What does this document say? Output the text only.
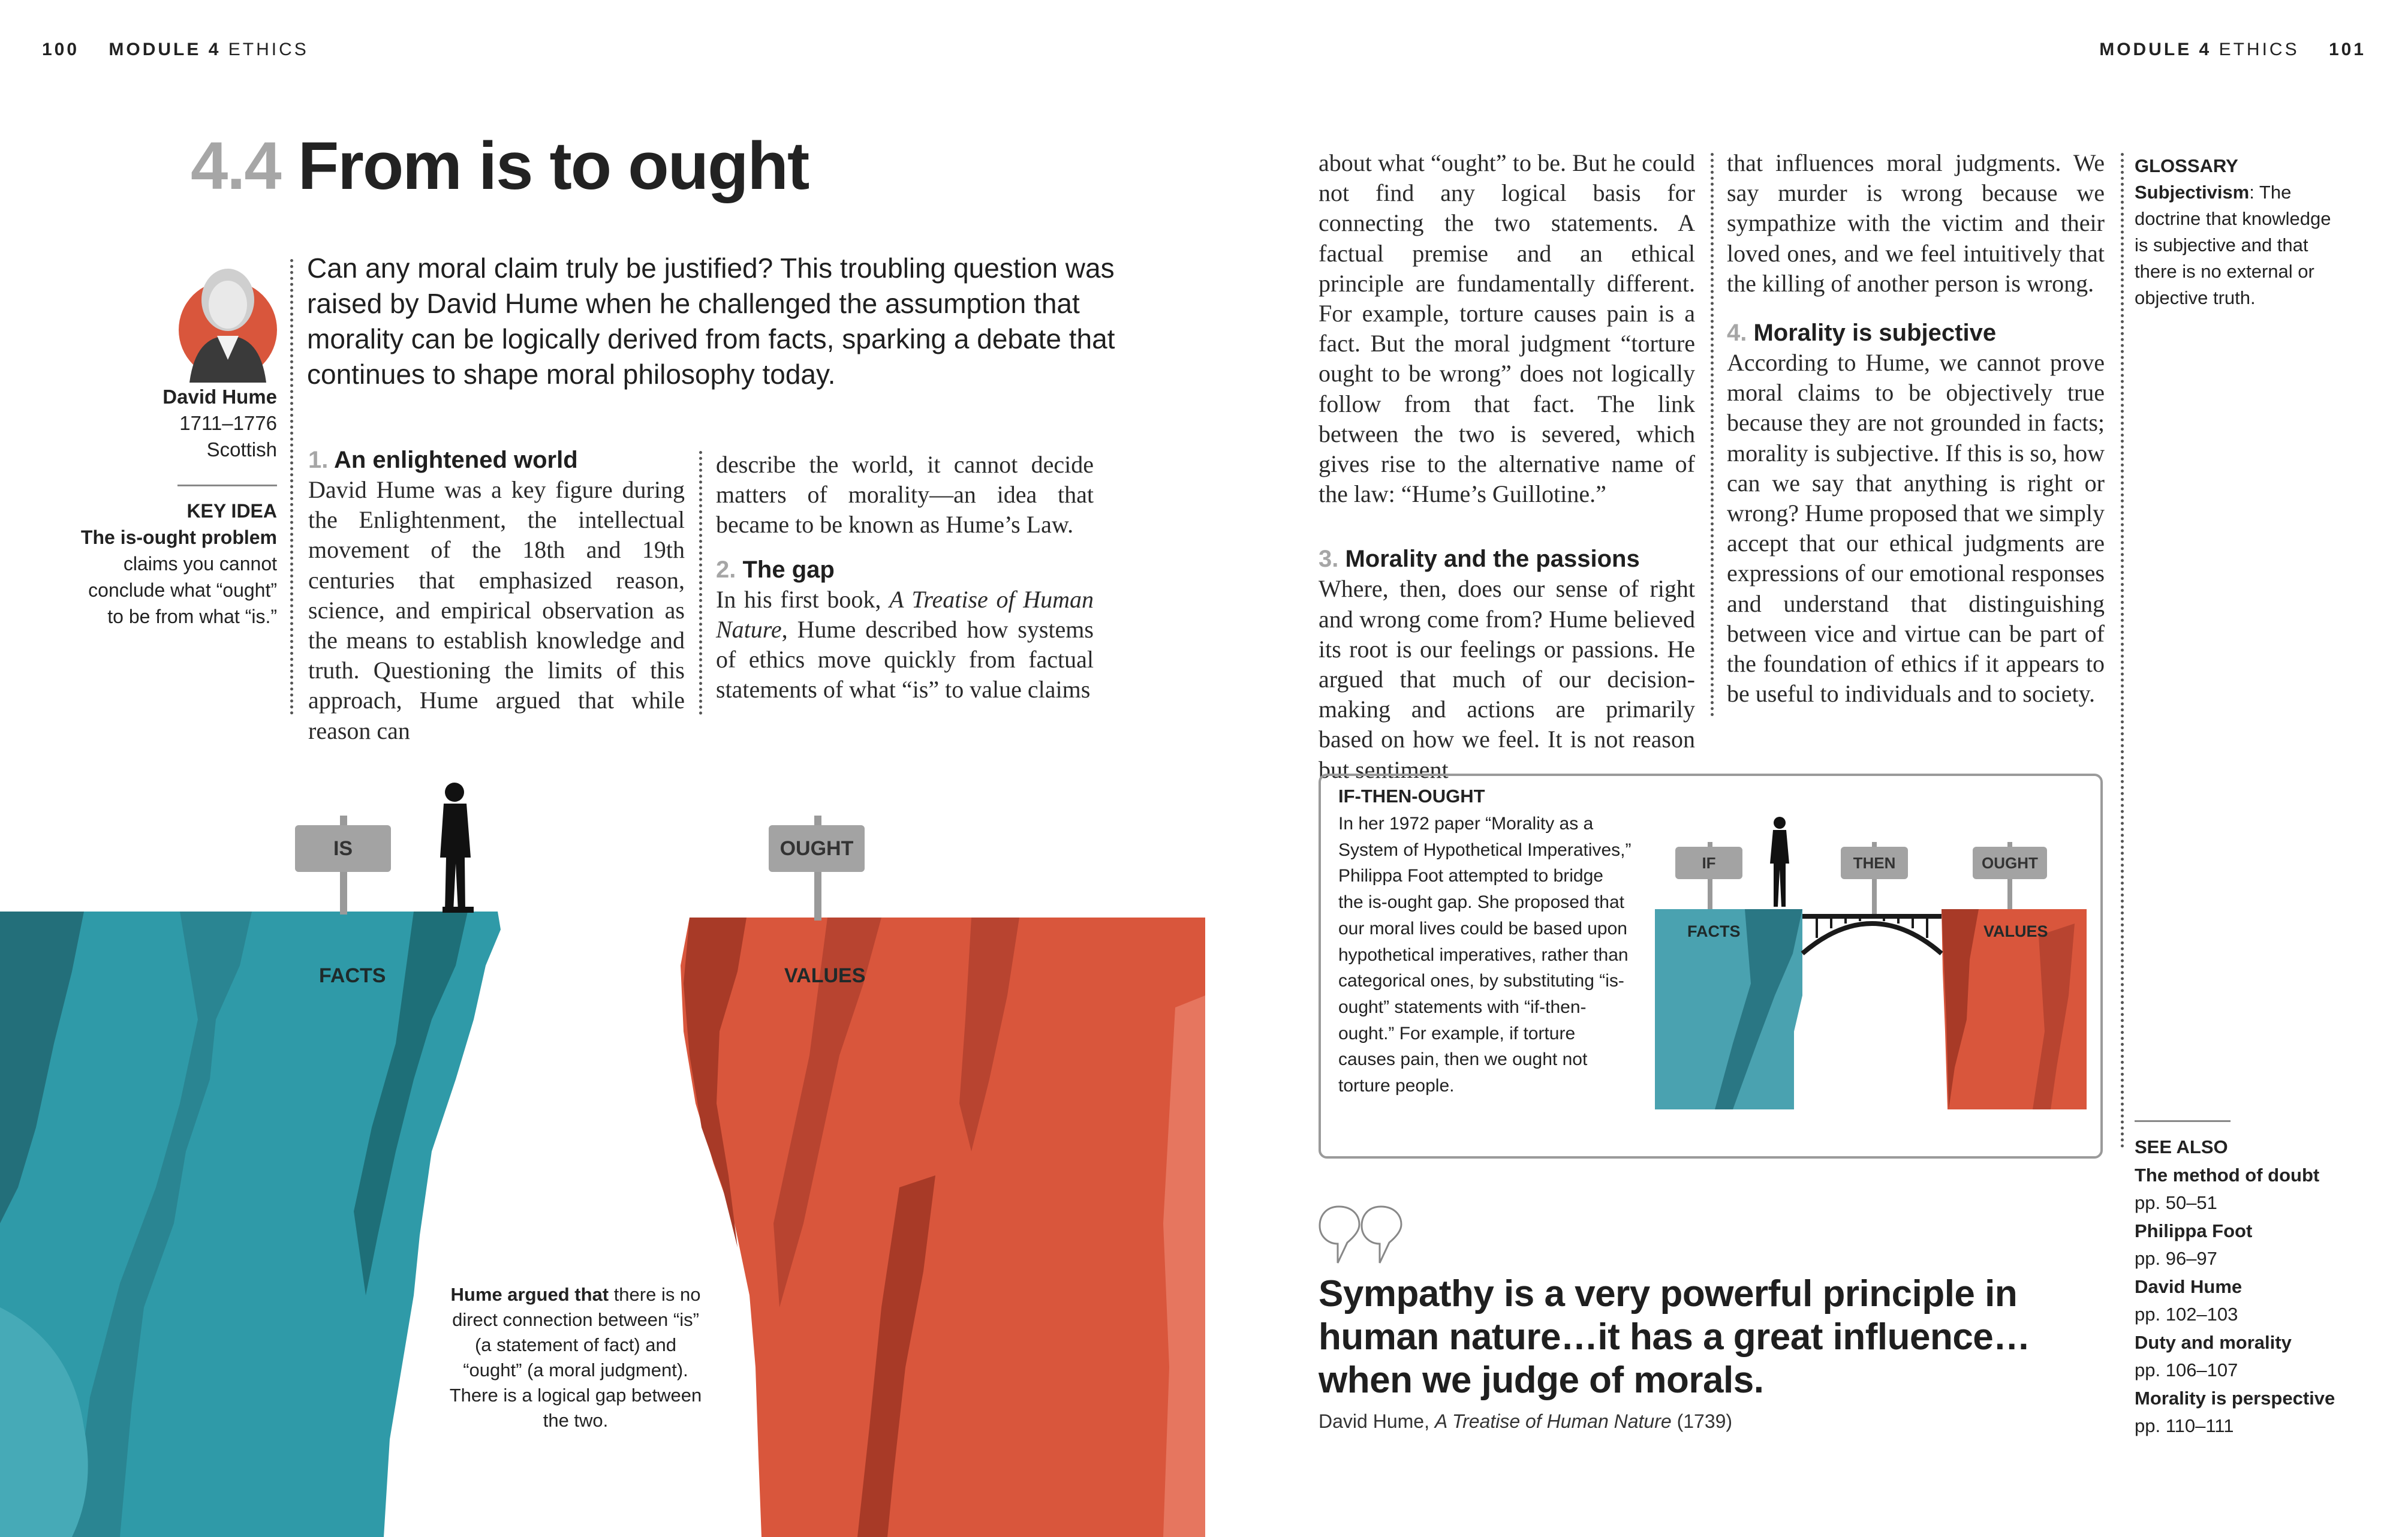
100 MODULE 4 ETHICS	MODULE 4 ETHICS 101
4.4 From is to ought
David Hume
1711–1776
Scottish
KEY IDEA
The is-ought problem
claims you cannot
conclude what “ought”
to be from what “is.”
Can any moral claim truly be justified? This troubling question was raised by David Hume when he challenged the assumption that morality can be logically derived from facts, sparking a debate that continues to shape moral philosophy today.
1. An enlightened world

David Hume was a key figure during the Enlightenment, the intellectual movement of the 18th and 19th centuries that emphasized reason, science, and empirical observation as the means to establish knowledge and truth. Questioning the limits of this approach, Hume argued that while reason can

describe the world, it cannot decide matters of morality—an idea that became to be known as Hume’s Law.

2. The gap

In his first book, A Treatise of Human Nature, Hume described how systems of ethics move quickly from factual statements of what “is” to value claims

about what “ought” to be. But he could not find any logical basis for connecting the two statements. A factual premise and an ethical principle are fundamentally different. For example, torture causes pain is a fact. But the moral judgment “torture ought to be wrong” does not logically follow from that fact. The link between the two is severed, which gives rise to the alternative name of the law: “Hume’s Guillotine.”

3. Morality and the passions

Where, then, does our sense of right and wrong come from? Hume believed its root is our feelings or passions. He argued that much of our decision-making and actions are primarily based on how we feel. It is not reason but sentiment

that influences moral judgments. We say murder is wrong because we sympathize with the victim and their loved ones, and we feel intuitively that the killing of another person is wrong.

4. Morality is subjective

According to Hume, we cannot prove moral claims to be objectively true because they are not grounded in facts; morality is subjective. If this is so, how can we say that anything is right or wrong? Hume proposed that we simply accept that our ethical judgments are expressions of our emotional responses and understand that distinguishing between vice and virtue can be part of the foundation of ethics if it appears to be useful to individuals and to society.

GLOSSARY
Subjectivism: The doctrine that knowledge is subjective and that there is no external or objective truth.
IS	OUGHT
FACTS	VALUES
Hume argued that there is no direct connection between “is” (a statement of fact) and “ought” (a moral judgment). There is a logical gap between the two.
IF-THEN-OUGHT
In her 1972 paper “Morality as a System of Hypothetical Imperatives,” Philippa Foot attempted to bridge the is-ought gap. She proposed that our moral lives could be based upon hypothetical imperatives, rather than categorical ones, by substituting “is-ought” statements with “if-then-ought.” For example, if torture causes pain, then we ought not torture people.
IF	THEN	OUGHT
FACTS	VALUES
Sympathy is a very powerful principle in human nature…it has a great influence…when we judge of morals.
David Hume, A Treatise of Human Nature (1739)
SEE ALSO
The method of doubt
pp. 50–51
Philippa Foot
pp. 96–97
David Hume
pp. 102–103
Duty and morality
pp. 106–107
Morality is perspective
pp. 110–111
